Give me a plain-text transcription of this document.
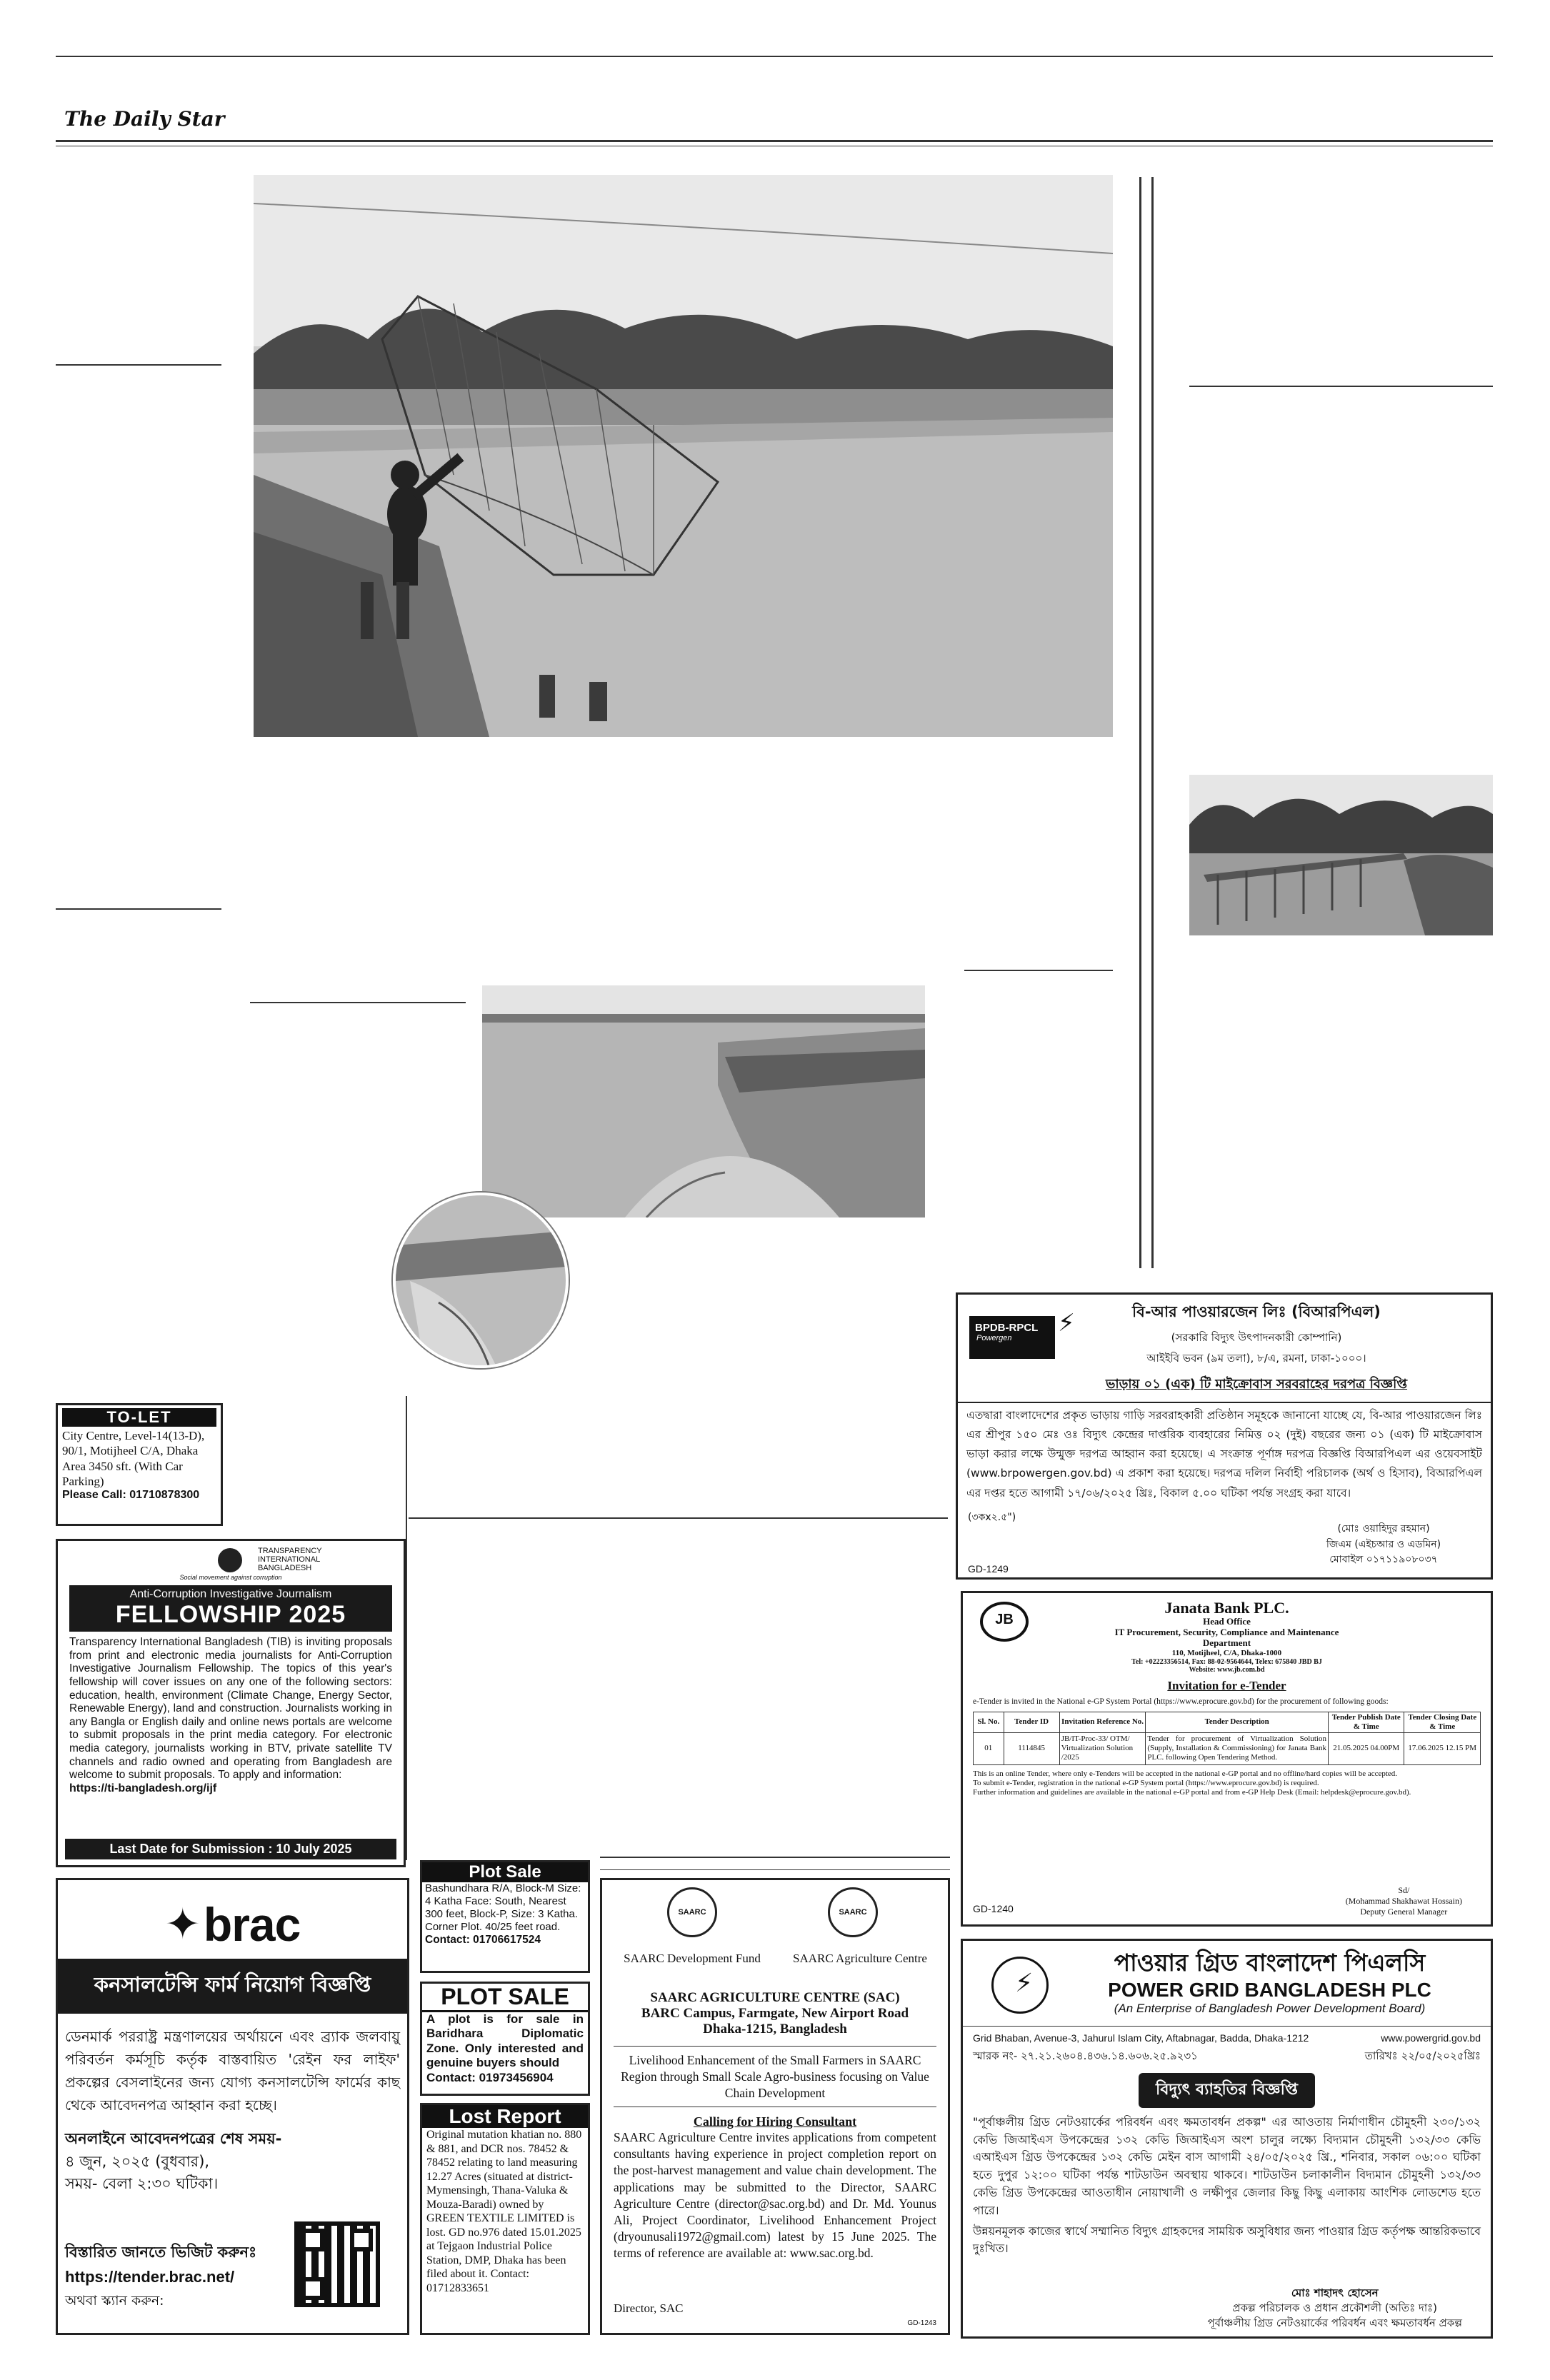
The Daily Star
TO-LET
City Centre, Level-14(13-D), 90/1, Motijheel C/A, Dhaka Area 3450 sft. (With Car Parking)
Please Call: 01710878300
TRANSPARENCY
INTERNATIONAL
BANGLADESH
Social movement against corruption
Anti-Corruption Investigative Journalism
FELLOWSHIP 2025
Transparency International Bangladesh (TIB) is inviting proposals from print and electronic media journalists for Anti-Corruption Investigative Journalism Fellowship. The topics of this year's fellowship will cover issues on any one of the following sectors: education, health, environment (Climate Change, Energy Sector, Renewable Energy), land and construction. Journalists working in any Bangla or English daily and online news portals are welcome to submit proposals in the print media category. For electronic media category, journalists working in BTV, private satellite TV channels and radio owned and operating from Bangladesh are welcome to submit proposals. To apply and information:
https://ti-bangladesh.org/ijf
Last Date for Submission : 10 July 2025
✦ brac
কনসালটেন্সি ফার্ম নিয়োগ বিজ্ঞপ্তি
ডেনমার্ক পররাষ্ট্র মন্ত্রণালয়ের অর্থায়নে এবং ব্র্যাক জলবায়ু পরিবর্তন কর্মসূচি কর্তৃক বাস্তবায়িত 'রেইন ফর লাইফ' প্রকল্পের বেসলাইনের জন্য যোগ্য কনসালটেন্সি ফার্মের কাছ থেকে আবেদনপত্র আহ্বান করা হচ্ছে।
অনলাইনে আবেদনপত্রের শেষ সময়-
৪ জুন, ২০২৫ (বুধবার),
সময়- বেলা ২:৩০ ঘটিকা।
বিস্তারিত জানতে ভিজিট করুনঃ
https://tender.brac.net/
অথবা স্ক্যান করুন:
Plot Sale
Bashundhara R/A, Block-M Size: 4 Katha Face: South, Nearest 300 feet, Block-P, Size: 3 Katha. Corner Plot. 40/25 feet road.
Contact: 01706617524
PLOT SALE
A plot is for sale in Baridhara Diplomatic Zone. Only interested and genuine buyers should
Contact: 01973456904
Lost Report
Original mutation khatian no. 880 & 881, and DCR nos. 78452 & 78452 relating to land measuring 12.27 Acres (situated at district-Mymensingh, Thana-Valuka & Mouza-Baradi) owned by GREEN TEXTILE LIMITED is lost. GD no.976 dated 15.01.2025 at Tejgaon Industrial Police Station, DMP, Dhaka has been filed about it. Contact: 01712833651
SAARC	SAARC
SAARC Development Fund	SAARC Agriculture Centre
SAARC AGRICULTURE CENTRE (SAC)
BARC Campus, Farmgate, New Airport Road
Dhaka-1215, Bangladesh
Livelihood Enhancement of the Small Farmers in SAARC Region through Small Scale Agro-business focusing on Value Chain Development
Calling for Hiring Consultant
SAARC Agriculture Centre invites applications from competent consultants having experience in project completion report on the post-harvest management and value chain development. The applications may be submitted to the Director, SAARC Agriculture Centre (director@sac.org.bd) and Dr. Md. Younus Ali, Project Coordinator, Livelihood Enhancement Project (dryounusali1972@gmail.com) latest by 15 June 2025. The terms of reference are available at: www.sac.org.bd.
Director, SAC
GD-1243
BPDB-RPCL
Powergen
⚡	বি-আর পাওয়ারজেন লিঃ (বিআরপিএল)
(সরকারি বিদ্যুৎ উৎপাদনকারী কোম্পানি)
আইইবি ভবন (৯ম তলা), ৮/এ, রমনা, ঢাকা-১০০০।
ভাড়ায় ০১ (এক) টি মাইক্রোবাস সরবরাহের দরপত্র বিজ্ঞপ্তি
এতদ্বারা বাংলাদেশের প্রকৃত ভাড়ায় গাড়ি সরবরাহকারী প্রতিষ্ঠান সমূহকে জানানো যাচ্ছে যে, বি-আর পাওয়ারজেন লিঃ এর শ্রীপুর ১৫০ মেঃ ওঃ বিদ্যুৎ কেন্দ্রের দাপ্তরিক ব্যবহারের নিমিত্ত ০২ (দুই) বছরের জন্য ০১ (এক) টি মাইক্রোবাস ভাড়া করার লক্ষে উন্মুক্ত দরপত্র আহ্বান করা হয়েছে। এ সংক্রান্ত পূর্ণাঙ্গ দরপত্র বিজ্ঞপ্তি বিআরপিএল এর ওয়েবসাইট (www.brpowergen.gov.bd) এ প্রকাশ করা হয়েছে। দরপত্র দলিল নির্বাহী পরিচালক (অর্থ ও হিসাব), বিআরপিএল এর দপ্তর হতে আগামী ১৭/০৬/২০২৫ খ্রিঃ, বিকাল ৫.০০ ঘটিকা পর্যন্ত সংগ্রহ করা যাবে।
(৩কx২.৫")
(মোঃ ওয়াহিদুর রহমান)
জিএম (এইচআর ও এডমিন)
মোবাইল ০১৭১১৯০৮০৩৭
GD-1249
JB
Janata Bank PLC.
Head Office
IT Procurement, Security, Compliance and Maintenance
Department
110, Motijheel, C/A, Dhaka-1000
Tel: +02223356514, Fax: 88-02-9564644, Telex: 675840 JBD BJ
Website: www.jb.com.bd
Invitation for e-Tender
e-Tender is invited in the National e-GP System Portal (https://www.eprocure.gov.bd) for the procurement of following goods:
Sl. No.	Tender ID	Invitation Reference No.	Tender Description	Tender Publish Date & Time	Tender Closing Date & Time
01	1114845	JB/IT-Proc-33/ OTM/ Virtualization Solution /2025	Tender for procurement of Virtualization Solution (Supply, Installation & Commissioning) for Janata Bank PLC. following Open Tendering Method.	21.05.2025 04.00PM	17.06.2025 12.15 PM
This is an online Tender, where only e-Tenders will be accepted in the national e-GP portal and no offline/hard copies will be accepted.
To submit e-Tender, registration in the national e-GP System portal (https://www.eprocure.gov.bd) is required.
Further information and guidelines are available in the national e-GP portal and from e-GP Help Desk (Email: helpdesk@eprocure.gov.bd).
Sd/
(Mohammad Shakhawat Hossain)
Deputy General Manager
GD-1240
⚡
পাওয়ার গ্রিড বাংলাদেশ পিএলসি
POWER GRID BANGLADESH PLC
(An Enterprise of Bangladesh Power Development Board)
Grid Bhaban, Avenue-3, Jahurul Islam City, Aftabnagar, Badda, Dhaka-1212	www.powergrid.gov.bd
স্মারক নং- ২৭.২১.২৬০৪.৪৩৬.১৪.৬০৬.২৫.৯২৩১	তারিখঃ ২২/০৫/২০২৫খ্রিঃ
বিদ্যুৎ ব্যাহতির বিজ্ঞপ্তি
"পূর্বাঞ্চলীয় গ্রিড নেটওয়ার্কের পরিবর্ধন এবং ক্ষমতাবর্ধন প্রকল্প" এর আওতায় নির্মাণাধীন চৌমুহনী ২৩০/১৩২ কেভি জিআইএস উপকেন্দ্রের ১৩২ কেভি জিআইএস অংশ চালুর লক্ষ্যে বিদ্যমান চৌমুহনী ১৩২/৩৩ কেভি এআইএস গ্রিড উপকেন্দ্রের ১৩২ কেভি মেইন বাস আগামী ২৪/০৫/২০২৫ খ্রি., শনিবার, সকাল ০৬:০০ ঘটিকা হতে দুপুর ১২:০০ ঘটিকা পর্যন্ত শাটডাউন অবস্থায় থাকবে। শাটডাউন চলাকালীন বিদ্যমান চৌমুহনী ১৩২/৩৩ কেভি গ্রিড উপকেন্দ্রের আওতাধীন নোয়াখালী ও লক্ষীপুর জেলার কিছু কিছু এলাকায় আংশিক লোডশেড হতে পারে।
উন্নয়নমূলক কাজের স্বার্থে সম্মানিত বিদ্যুৎ গ্রাহকদের সাময়িক অসুবিধার জন্য পাওয়ার গ্রিড কর্তৃপক্ষ আন্তরিকভাবে দুঃখিত।
মোঃ শাহাদৎ হোসেন
প্রকল্প পরিচালক ও প্রধান প্রকৌশলী (অতিঃ দাঃ)
পূর্বাঞ্চলীয় গ্রিড নেটওয়ার্কের পরিবর্ধন এবং ক্ষমতাবর্ধন প্রকল্প
